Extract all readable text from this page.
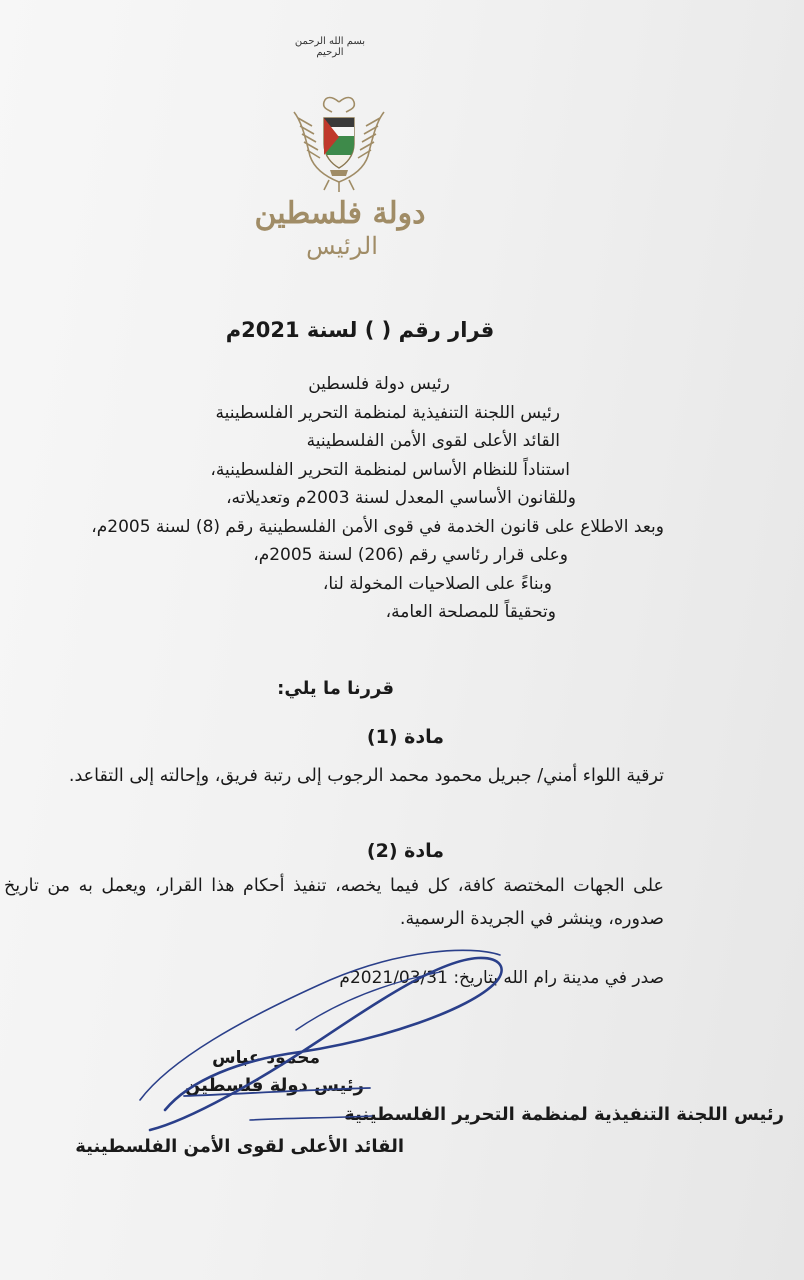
بسم الله الرحمن الرحيم
دولة فلسطين
الرئيس
قرار رقم ( ) لسنة 2021م
رئيس دولة فلسطين
رئيس اللجنة التنفيذية لمنظمة التحرير الفلسطينية
القائد الأعلى لقوى الأمن الفلسطينية
استناداً للنظام الأساس لمنظمة التحرير الفلسطينية،
وللقانون الأساسي المعدل لسنة 2003م وتعديلاته،
وبعد الاطلاع على قانون الخدمة في قوى الأمن الفلسطينية رقم (8) لسنة 2005م،
وعلى قرار رئاسي رقم (206) لسنة 2005م،
وبناءً على الصلاحيات المخولة لنا،
وتحقيقاً للمصلحة العامة،
قررنا ما يلي:
مادة (1)
ترقية اللواء أمني/ جبريل محمود محمد الرجوب إلى رتبة فريق، وإحالته إلى التقاعد.
مادة (2)
على الجهات المختصة كافة، كل فيما يخصه، تنفيذ أحكام هذا القرار، ويعمل به من تاريخ صدوره، وينشر في الجريدة الرسمية.
صدر في مدينة رام الله بتاريخ: 2021/03/31م
محمود عباس
رئيس دولة فلسطين
رئيس اللجنة التنفيذية لمنظمة التحرير الفلسطينية
القائد الأعلى لقوى الأمن الفلسطينية
